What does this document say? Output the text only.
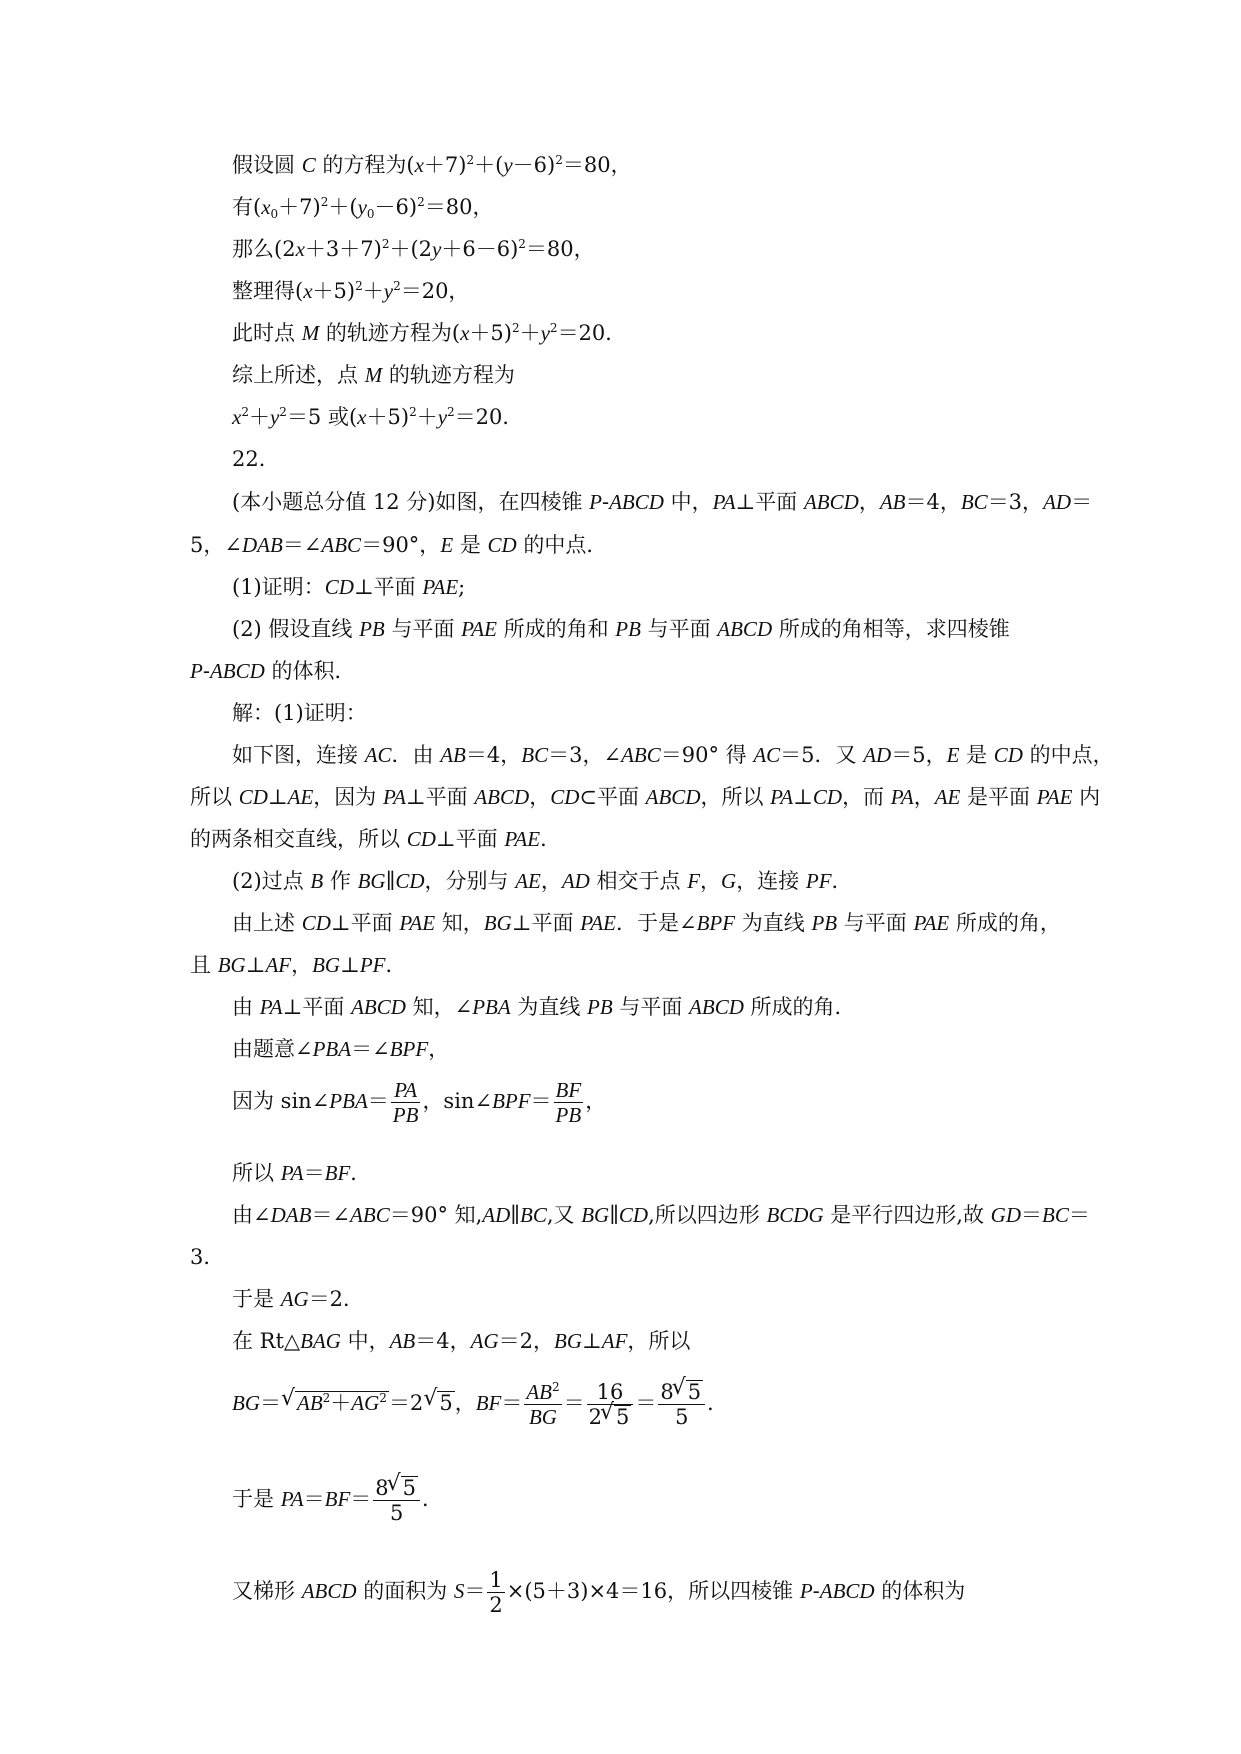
假设圆 C 的方程为$(x+7)^2+(y-6)^2=80$，
有$(x_0+7)^2+(y_0-6)^2=80$，
那么$(2x+3+7)^2+(2y+6-6)^2=80$，
整理得$(x+5)^2+y^2=20$，
此时点 M 的轨迹方程为$(x+5)^2+y^2=20$．
综上所述，点 M 的轨迹方程为
$x^2+y^2=5$ 或$(x+5)^2+y^2=20$．
22．
(本小题总分值 12 分)如图，在四棱锥 P-ABCD 中，PA⊥平面 ABCD，AB＝4，BC＝3，AD＝
5，∠DAB＝∠ABC＝90°，E 是 CD 的中点．
(1)证明：CD⊥平面 PAE;
(2) 假设直线 PB 与平面 PAE 所成的角和 PB 与平面 ABCD 所成的角相等，求四棱锥
P-ABCD 的体积．
解：(1)证明：
如下图，连接 AC．由 AB＝4，BC＝3，∠ABC＝90° 得 AC＝5．又 AD＝5，E 是 CD 的中点，
所以 CD⊥AE，因为 PA⊥平面 ABCD，CD⊂平面 ABCD，所以 PA⊥CD，而 PA，AE 是平面 PAE 内
的两条相交直线，所以 CD⊥平面 PAE．
(2)过点 B 作 BG∥CD，分别与 AE，AD 相交于点 F，G，连接 PF．
由上述 CD⊥平面 PAE 知，BG⊥平面 PAE．于是∠BPF 为直线 PB 与平面 PAE 所成的角，
且 BG⊥AF，BG⊥PF．
由 PA⊥平面 ABCD 知，∠PBA 为直线 PB 与平面 ABCD 所成的角．
由题意∠PBA＝∠BPF，
因为 sin∠PBA＝ $\frac{PA}{PB}$ ，sin∠BPF＝ $\frac{BF}{PB}$ ，
所以 PA＝BF．
由∠DAB＝∠ABC＝90° 知,AD∥BC,又 BG∥CD,所以四边形 BCDG 是平行四边形,故 GD＝BC＝
3．
于是 AG＝2．
在 Rt△BAG 中，AB＝4，AG＝2，BG⊥AF，所以
BG＝√ $AB^2+AG^2=2√$ 5，$BF= \frac{AB^2}{BG} = \frac{16}{2√ 5} = \frac{8√ 5}{5}$ ．
于是 $PA=BF= \frac{8√ 5}{5}$ ．
又梯形 ABCD 的面积为 $S= \frac{1}{2} \times(5+3)\times 4=16$，所以四棱锥 P-ABCD 的体积为
